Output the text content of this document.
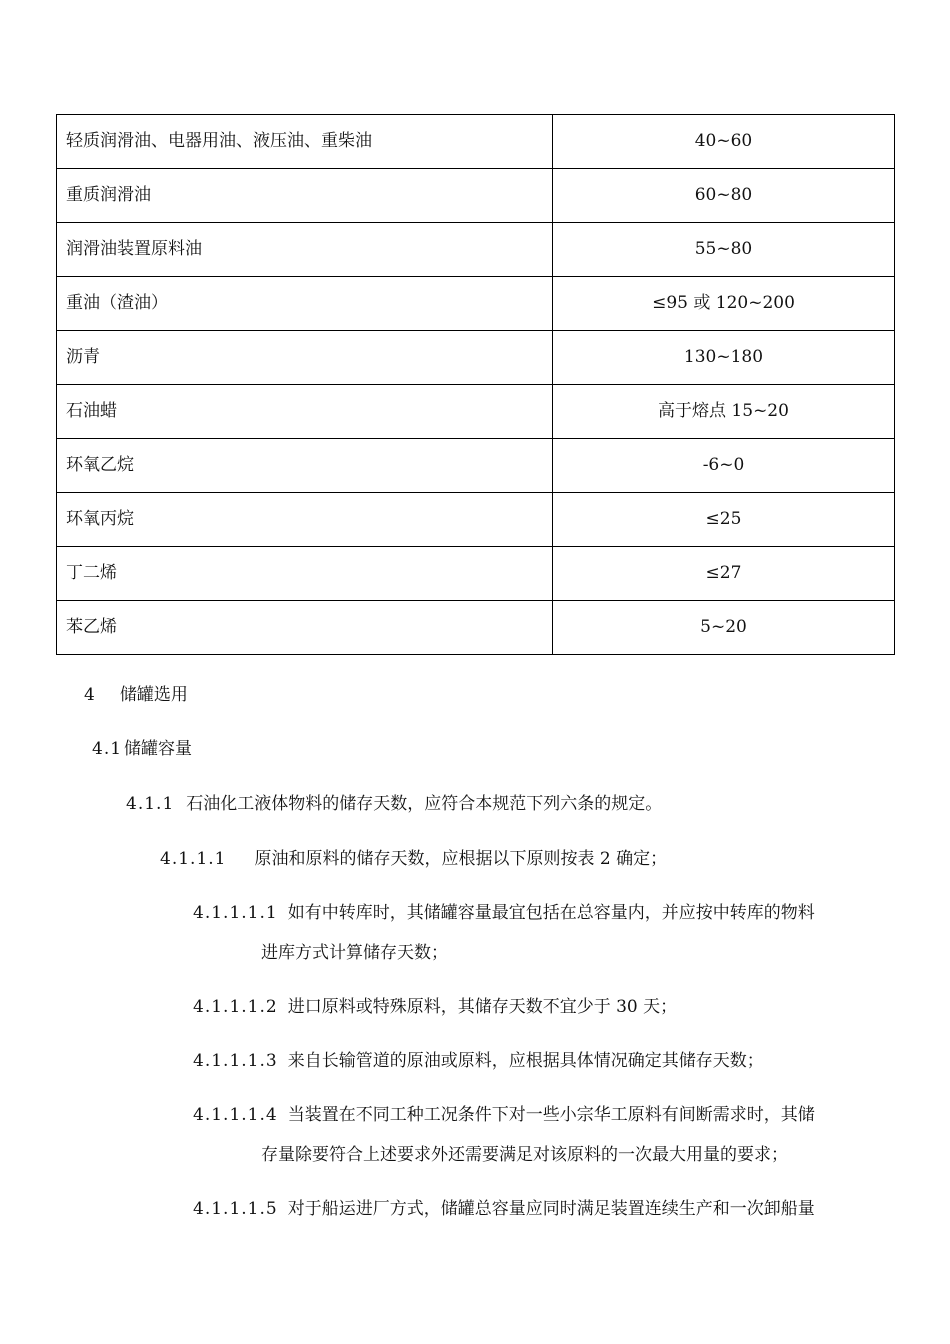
轻质润滑油、电器用油、液压油、重柴油	40~60
重质润滑油	60~80
润滑油装置原料油	55~80
重油（渣油）	≤95 或 120~200
沥青	130~180
石油蜡	高于熔点 15~20
环氧乙烷	-6~0
环氧丙烷	≤25
丁二烯	≤27
苯乙烯	5~20
4 储罐选用
4.1 储罐容量
4.1.1 石油化工液体物料的储存天数，应符合本规范下列六条的规定。
4.1.1.1 原油和原料的储存天数，应根据以下原则按表 2 确定；
4.1.1.1.1 如有中转库时，其储罐容量最宜包括在总容量内，并应按中转库的物料
进库方式计算储存天数；
4.1.1.1.2 进口原料或特殊原料，其储存天数不宜少于 30 天；
4.1.1.1.3 来自长输管道的原油或原料，应根据具体情况确定其储存天数；
4.1.1.1.4 当装置在不同工种工况条件下对一些小宗华工原料有间断需求时，其储
存量除要符合上述要求外还需要满足对该原料的一次最大用量的要求；
4.1.1.1.5 对于船运进厂方式，储罐总容量应同时满足装置连续生产和一次卸船量
